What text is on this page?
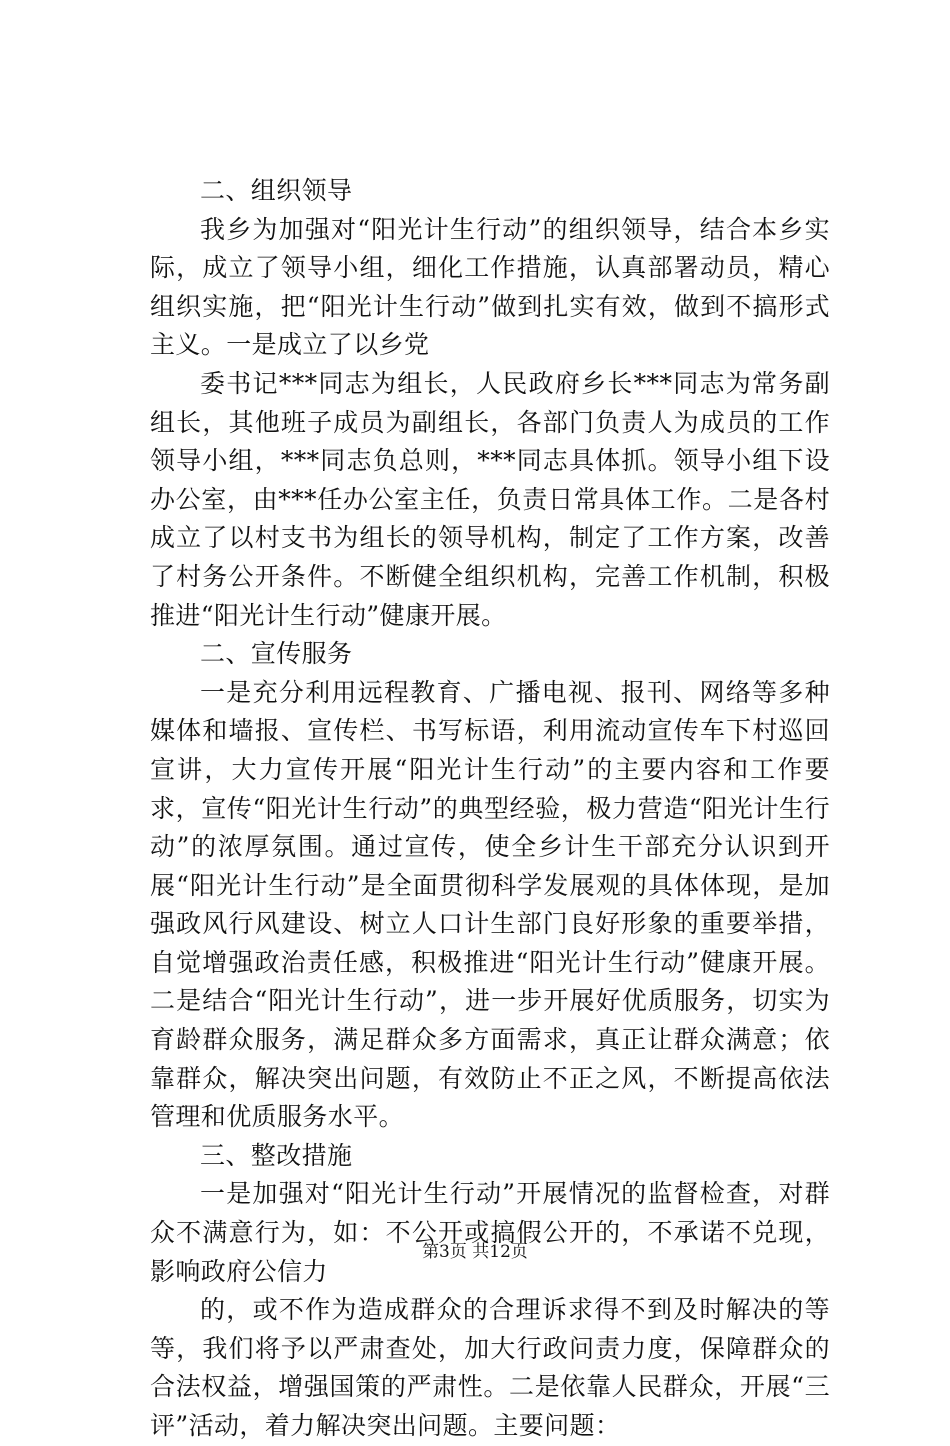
二、组织领导

我乡为加强对“阳光计生行动”的组织领导，结合本乡实际，成立了领导小组，细化工作措施，认真部署动员，精心组织实施，把“阳光计生行动”做到扎实有效，做到不搞形式主义。一是成立了以乡党

委书记***同志为组长，人民政府乡长***同志为常务副组长，其他班子成员为副组长，各部门负责人为成员的工作领导小组，***同志负总则，***同志具体抓。领导小组下设办公室，由***任办公室主任，负责日常具体工作。二是各村成立了以村支书为组长的领导机构，制定了工作方案，改善了村务公开条件。不断健全组织机构，完善工作机制，积极推进“阳光计生行动”健康开展。

二、宣传服务

一是充分利用远程教育、广播电视、报刊、网络等多种媒体和墙报、宣传栏、书写标语，利用流动宣传车下村巡回宣讲，大力宣传开展“阳光计生行动”的主要内容和工作要求，宣传“阳光计生行动”的典型经验，极力营造“阳光计生行动”的浓厚氛围。通过宣传，使全乡计生干部充分认识到开展“阳光计生行动”是全面贯彻科学发展观的具体体现，是加强政风行风建设、树立人口计生部门良好形象的重要举措，自觉增强政治责任感，积极推进“阳光计生行动”健康开展。二是结合“阳光计生行动”，进一步开展好优质服务，切实为育龄群众服务，满足群众多方面需求，真正让群众满意；依靠群众，解决突出问题，有效防止不正之风，不断提高依法管理和优质服务水平。

三、整改措施

一是加强对“阳光计生行动”开展情况的监督检查，对群众不满意行为，如：不公开或搞假公开的，不承诺不兑现，影响政府公信力

的，或不作为造成群众的合理诉求得不到及时解决的等等，我们将予以严肃查处，加大行政问责力度，保障群众的合法权益，增强国策的严肃性。二是依靠人民群众，开展“三评”活动，着力解决突出问题。主要问题：

第3页 共12页
